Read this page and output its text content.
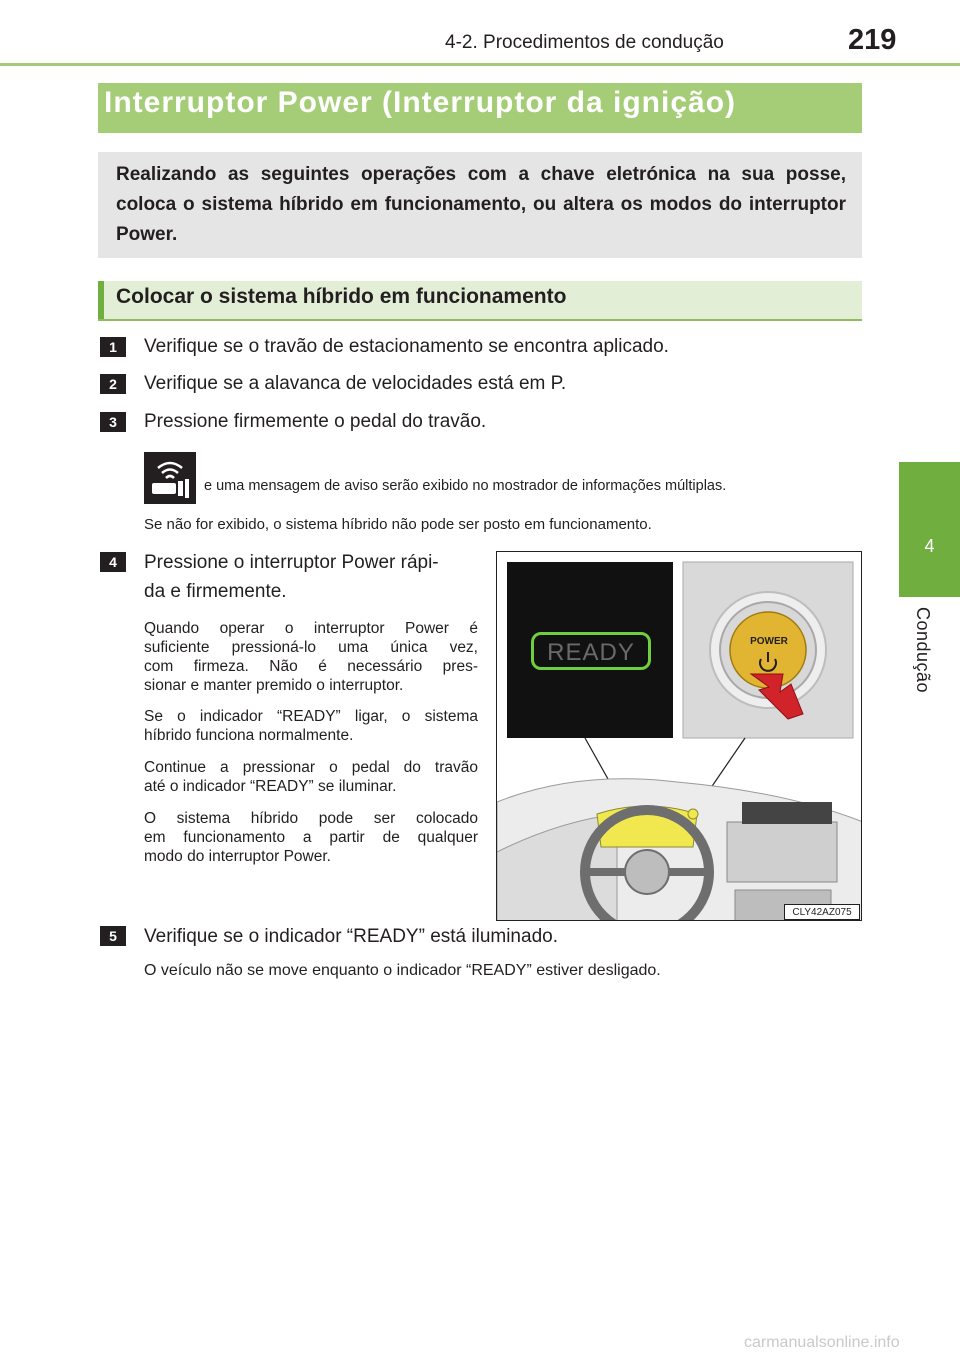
4-2. Procedimentos de condução	219
4
Condução
Interruptor Power (Interruptor da ignição)
Realizando as seguintes operações com a chave eletrónica na sua posse, coloca o sistema híbrido em funcionamento, ou altera os modos do interruptor Power.
Colocar o sistema híbrido em funcionamento
1	Verifique se o travão de estacionamento se encontra aplicado.
2	Verifique se a alavanca de velocidades está em P.
3	Pressione firmemente o pedal do travão.
e uma mensagem de aviso serão exibido no mostrador de informações múltiplas.
Se não for exibido, o sistema híbrido não pode ser posto em funcionamento.
4	Pressione o interruptor Power rápi-
da e firmemente.
Quando operar o interruptor Power é
suficiente pressioná-lo uma única vez,
com firmeza. Não é necessário pres-
sionar e manter premido o interruptor.
Se o indicador “READY” ligar, o sistema
híbrido funciona normalmente.
Continue a pressionar o pedal do travão
até o indicador “READY” se iluminar.
O sistema híbrido pode ser colocado
em funcionamento a partir de qualquer
modo do interruptor Power.
READY	POWER
CLY42AZ075
5	Verifique se o indicador “READY” está iluminado.
O veículo não se move enquanto o indicador “READY” estiver desligado.
carmanualsonline.info
